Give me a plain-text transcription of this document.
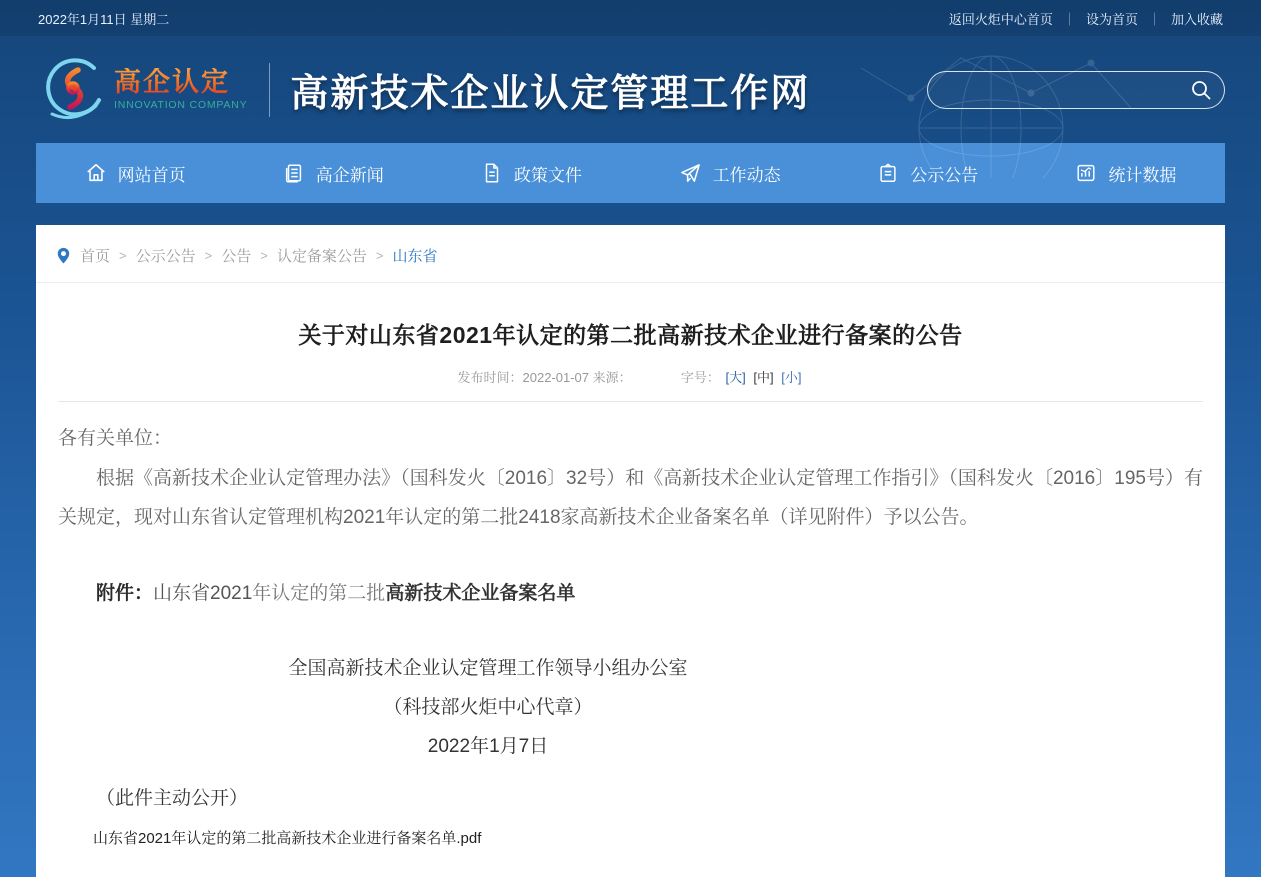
2022年1月11日 星期二	返回火炬中心首页 ｜ 设为首页 ｜ 加入收藏
高企认定
INNOVATION COMPANY 高新技术企业认定管理工作网
网站首页	高企新闻	政策文件	工作动态	公示公告	统计数据
首页 > 公示公告 > 公告 > 认定备案公告 > 山东省
关于对山东省2021年认定的第二批高新技术企业进行备案的公告
发布时间：2022-01-07 来源：	字号： [大] [中] [小]
各有关单位：

根据《高新技术企业认定管理办法》（国科发火〔2016〕32号）和《高新技术企业认定管理工作指引》（国科发火〔2016〕195号）有关规定，现对山东省认定管理机构2021年认定的第二批2418家高新技术企业备案名单（详见附件）予以公告。

附件：山东省2021年认定的第二批高新技术企业备案名单

全国高新技术企业认定管理工作领导小组办公室
（科技部火炬中心代章）
2022年1月7日

（此件主动公开）

山东省2021年认定的第二批高新技术企业进行备案名单.pdf
